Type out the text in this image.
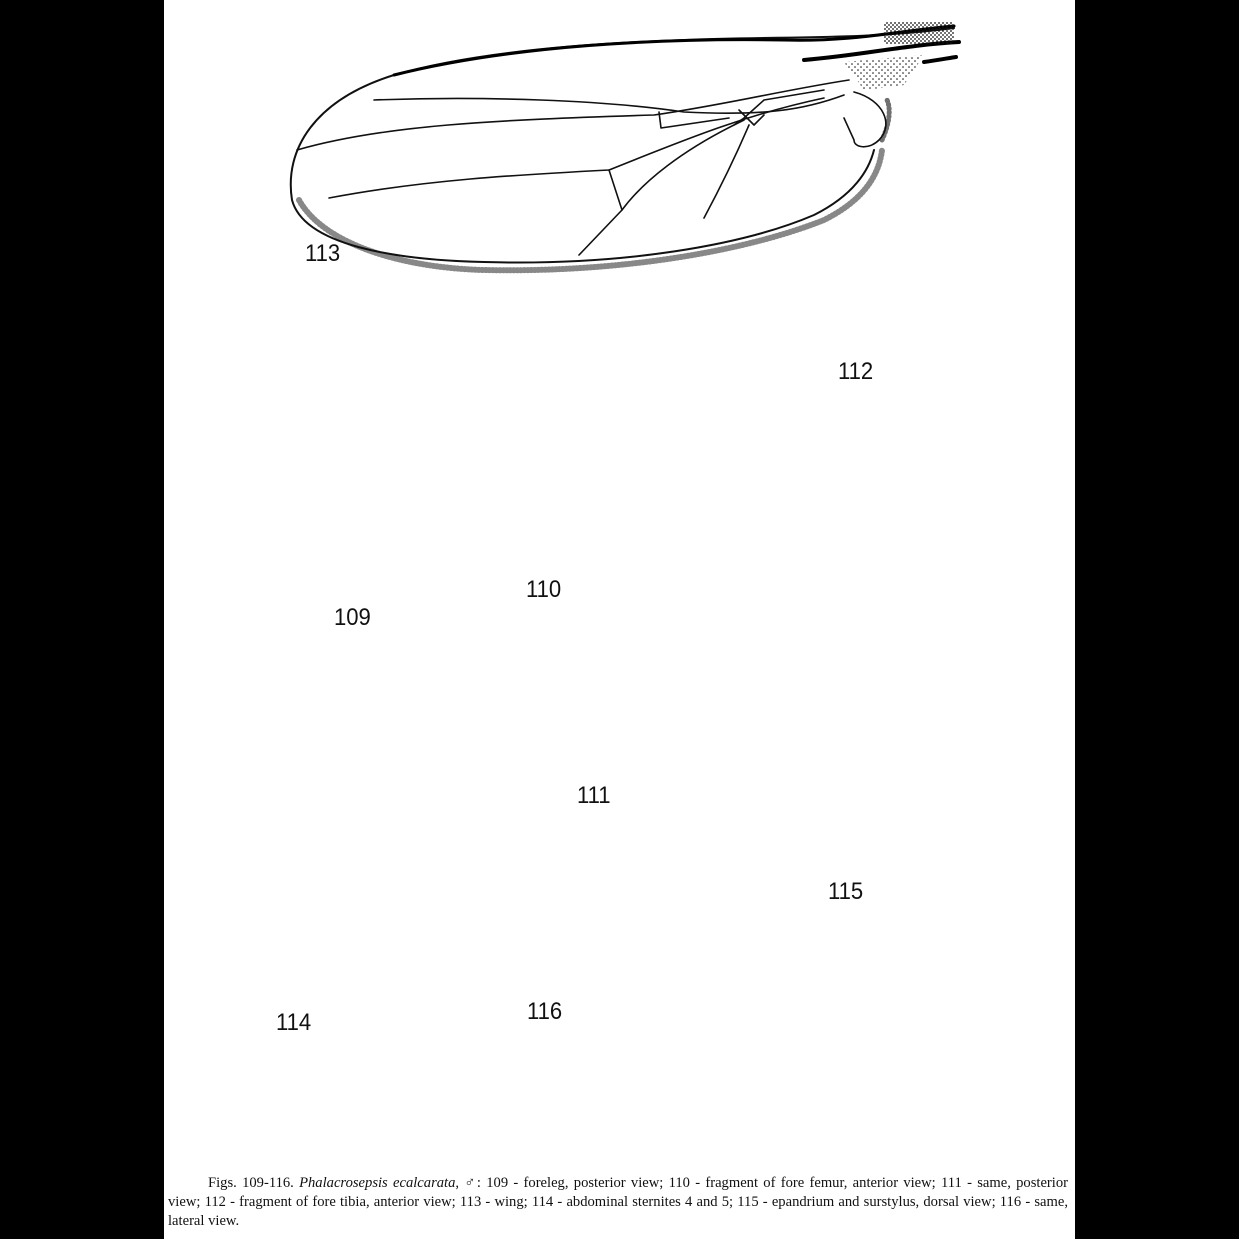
113
109
110
111
112
114
115
116
Figs. 109-116. Phalacrosepsis ecalcarata, ♂: 109 - foreleg, posterior view; 110 - fragment of fore femur, anterior view; 111 - same, posterior view; 112 - fragment of fore tibia, anterior view; 113 - wing; 114 - abdominal sternites 4 and 5; 115 - epandrium and surstylus, dorsal view; 116 - same, lateral view.
